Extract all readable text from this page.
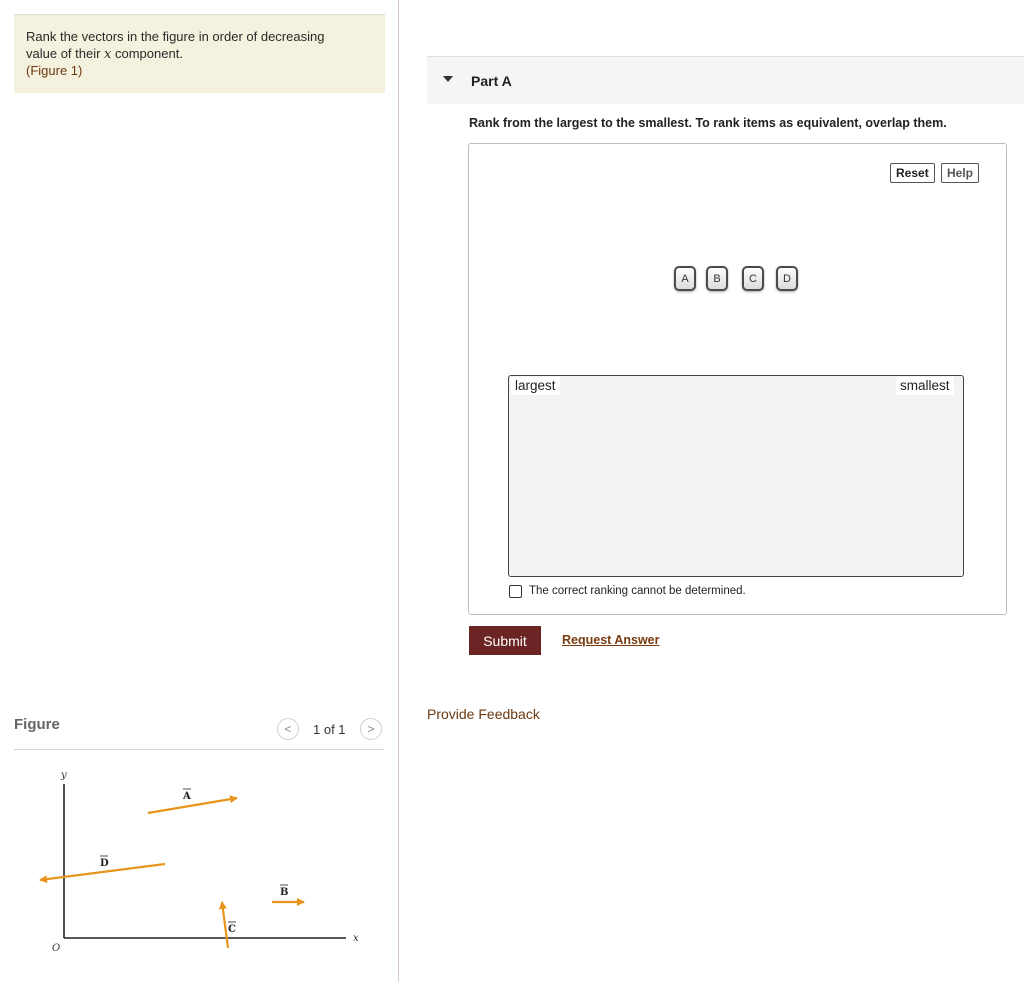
Rank the vectors in the figure in order of decreasing
value of their x component.
(Figure 1)
Figure	< 1 of 1 >
y
x
O
A
D
B
C
Part A
Rank from the largest to the smallest. To rank items as equivalent, overlap them.
Reset	Help
A	B	C	D
largest	smallest
The correct ranking cannot be determined.
Submit	Request Answer
Provide Feedback
